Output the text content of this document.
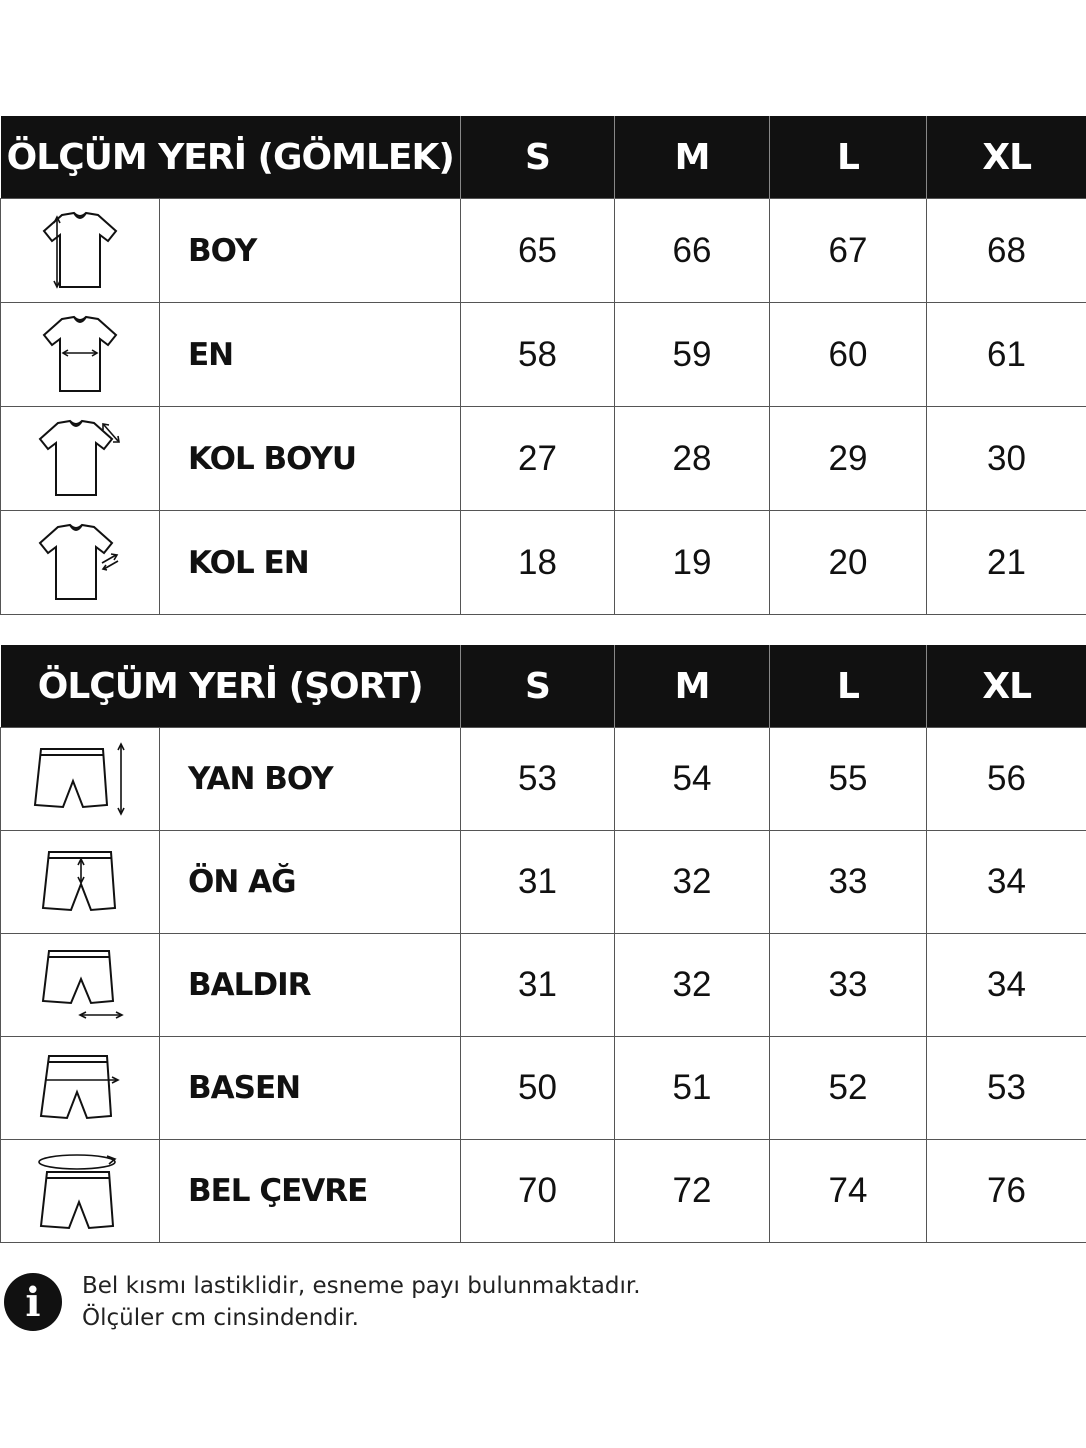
ÖLÇÜM YERİ (GÖMLEK)		S	M	L	XL

	BOY	65	66	67	68

	EN	58	59	60	61

	KOL BOYU	27	28	29	30

	KOL EN	18	19	20	21
ÖLÇÜM YERİ (ŞORT)		S	M	L	XL

	YAN BOY	53	54	55	56

	ÖN AĞ	31	32	33	34

	BALDIR	31	32	33	34

	BASEN	50	51	52	53

	BEL ÇEVRE	70	72	74	76
i	Bel kısmı lastiklidir, esneme payı bulunmaktadır.
Ölçüler cm cinsindendir.
